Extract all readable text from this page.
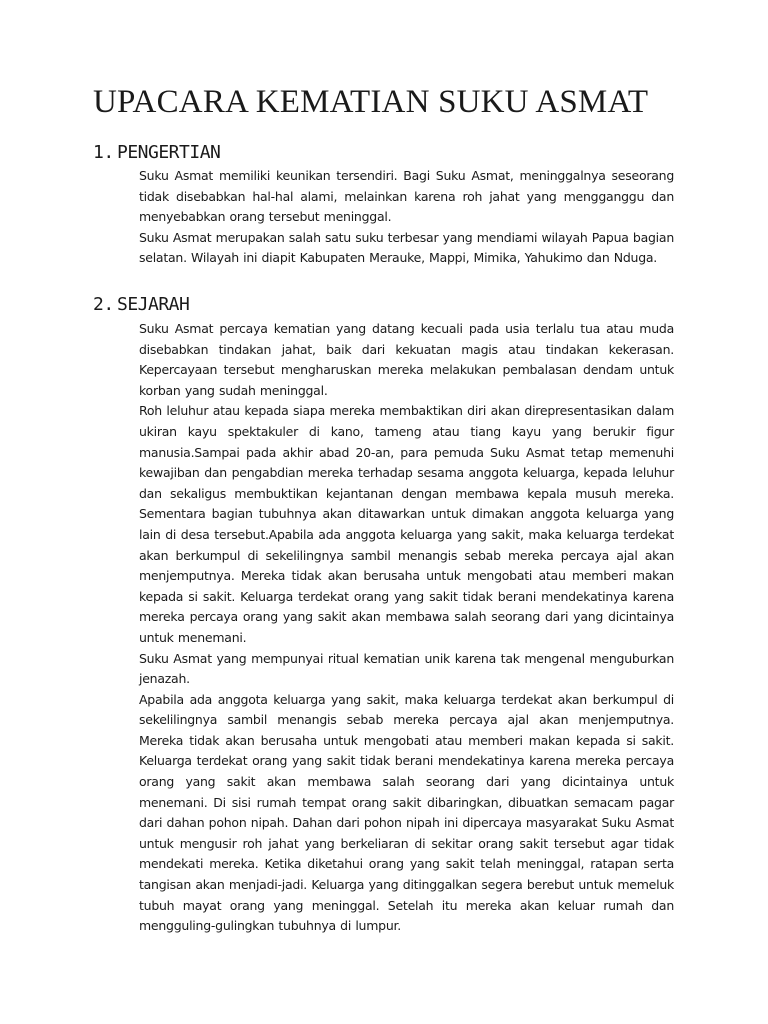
UPACARA KEMATIAN SUKU ASMAT
1. PENGERTIAN

Suku Asmat memiliki keunikan tersendiri. Bagi Suku Asmat, meninggalnya seseorang tidak disebabkan hal-hal alami, melainkan karena roh jahat yang mengganggu dan menyebabkan orang tersebut meninggal.

Suku Asmat merupakan salah satu suku terbesar yang mendiami wilayah Papua bagian selatan. Wilayah ini diapit Kabupaten Merauke, Mappi, Mimika, Yahukimo dan Nduga.

2. SEJARAH

Suku Asmat percaya kematian yang datang kecuali pada usia terlalu tua atau muda disebabkan tindakan jahat, baik dari kekuatan magis atau tindakan kekerasan. Kepercayaan tersebut mengharuskan mereka melakukan pembalasan dendam untuk korban yang sudah meninggal.

Roh leluhur atau kepada siapa mereka membaktikan diri akan direpresentasikan dalam ukiran kayu spektakuler di kano, tameng atau tiang kayu yang berukir figur manusia.Sampai pada akhir abad 20-an, para pemuda Suku Asmat tetap memenuhi kewajiban dan pengabdian mereka terhadap sesama anggota keluarga, kepada leluhur dan sekaligus membuktikan kejantanan dengan membawa kepala musuh mereka. Sementara bagian tubuhnya akan ditawarkan untuk dimakan anggota keluarga yang lain di desa tersebut.Apabila ada anggota keluarga yang sakit, maka keluarga terdekat akan berkumpul di sekelilingnya sambil menangis sebab mereka percaya ajal akan menjemputnya. Mereka tidak akan berusaha untuk mengobati atau memberi makan kepada si sakit. Keluarga terdekat orang yang sakit tidak berani mendekatinya karena mereka percaya orang yang sakit akan membawa salah seorang dari yang dicintainya untuk menemani.

Suku Asmat yang mempunyai ritual kematian unik karena tak mengenal menguburkan jenazah.

Apabila ada anggota keluarga yang sakit, maka keluarga terdekat akan berkumpul di sekelilingnya sambil menangis sebab mereka percaya ajal akan menjemputnya. Mereka tidak akan berusaha untuk mengobati atau memberi makan kepada si sakit. Keluarga terdekat orang yang sakit tidak berani mendekatinya karena mereka percaya orang yang sakit akan membawa salah seorang dari yang dicintainya untuk menemani. Di sisi rumah tempat orang sakit dibaringkan, dibuatkan semacam pagar dari dahan pohon nipah. Dahan dari pohon nipah ini dipercaya masyarakat Suku Asmat untuk mengusir roh jahat yang berkeliaran di sekitar orang sakit tersebut agar tidak mendekati mereka. Ketika diketahui orang yang sakit telah meninggal, ratapan serta tangisan akan menjadi-jadi. Keluarga yang ditinggalkan segera berebut untuk memeluk tubuh mayat orang yang meninggal. Setelah itu mereka akan keluar rumah dan mengguling-gulingkan tubuhnya di lumpur.
